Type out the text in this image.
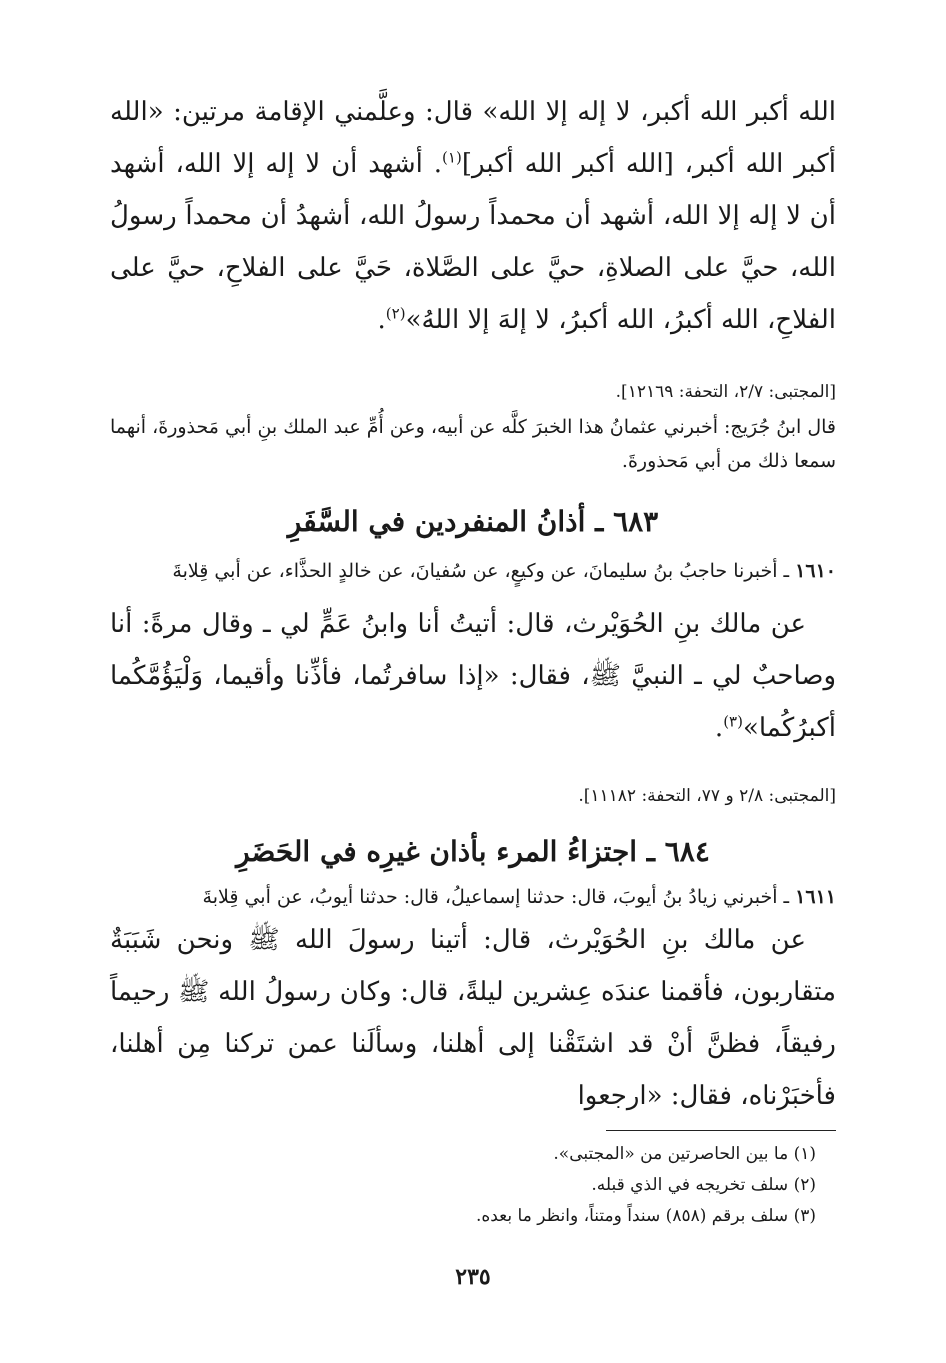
الله أكبر الله أكبر، لا إله إلا الله» قال: وعلَّمني الإقامة مرتين: «الله أكبر الله أكبر، [الله أكبر الله أكبر]$^{(١)}$. أشهد أن لا إله إلا الله، أشهد أن لا إله إلا الله، أشهد أن محمداً رسولُ الله، أشهدُ أن محمداً رسولُ الله، حيَّ على الصلاةِ، حيَّ على الصَّلاة، حَيَّ على الفلاحِ، حيَّ على الفلاحِ، الله أكبرُ، الله أكبرُ، لا إلهَ إلا اللهُ»$^{(٢)}$.

[المجتبى: ٢/٧، التحفة: ١٢١٦٩].

قال ابنُ جُرَيج: أخبرني عثمانُ هذا الخبرَ كلَّه عن أبيه، وعن أُمِّ عبد الملك بنِ أبي مَحذورةَ، أنهما سمعا ذلك من أبي مَحذورةَ.

٦٨٣ ـ أذانُ المنفردين في السَّفَرِ

١٦١٠ ـ أخبرنا حاجبُ بنُ سليمانَ، عن وكيعٍ، عن سُفيانَ، عن خالدٍ الحذَّاء، عن أبي قِلابةَ

عن مالك بنِ الحُوَيْرث، قال: أتيتُ أنا وابنُ عَمٍّ لي ـ وقال مرةً: أنا وصاحبٌ لي ـ النبيَّ ﷺ، فقال: «إذا سافرتُما، فأذِّنا وأقيما، وَلْيَؤُمَّكُما أكبرُكُما»$^{(٣)}$.

[المجتبى: ٢/٨ و ٧٧، التحفة: ١١١٨٢].

٦٨٤ ـ اجتزاءُ المرء بأذان غيرِه في الحَضَرِ

١٦١١ ـ أخبرني زيادُ بنُ أيوبَ، قال: حدثنا إسماعيلُ، قال: حدثنا أيوبُ، عن أبي قِلابةَ

عن مالك بنِ الحُوَيْرث، قال: أتينا رسولَ الله ﷺ ونحن شَبَبَةٌ متقاربون، فأقمنا عندَه عِشرين ليلةً، قال: وكان رسولُ الله ﷺ رحيماً رفيقاً، فظنَّ أنْ قد اشتَقْنا إلى أهلنا، وسألَنا عمن تركنا مِن أهلنا، فأخبَرْناه، فقال: «ارجعوا

(١) ما بين الحاصرتين من «المجتبى».

(٢) سلف تخريجه في الذي قبله.

(٣) سلف برقم (٨٥٨) سنداً ومتناً، وانظر ما بعده.

٢٣٥
